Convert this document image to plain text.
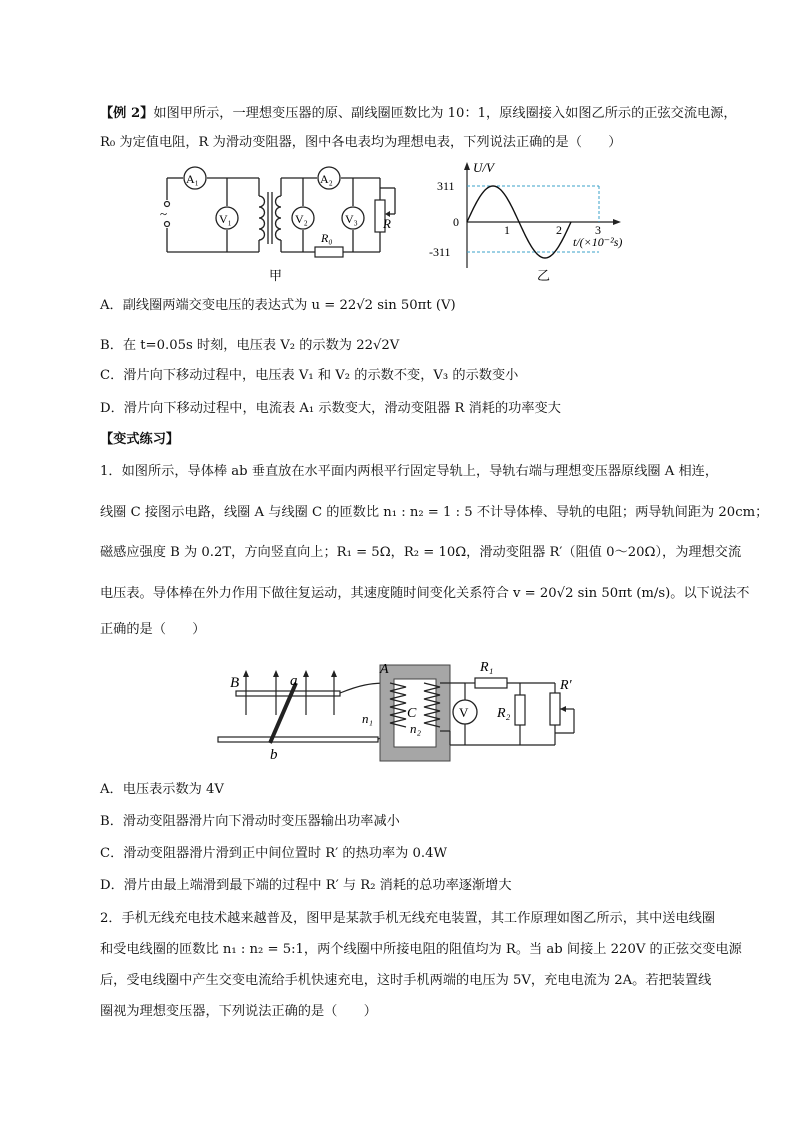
【例 2】如图甲所示，一理想变压器的原、副线圈匝数比为 10：1，原线圈接入如图乙所示的正弦交流电源，
R₀ 为定值电阻，R 为滑动变阻器，图中各电表均为理想电表，下列说法正确的是（　　）
~
A₁
V₁
A₂
V₂	V₃
R₀
R
甲
U/V
311
0
-311
1	2	3
t/(×10⁻²s)
乙
A．副线圈两端交变电压的表达式为 u = 22√2 sin 50πt (V)
B．在 t=0.05s 时刻，电压表 V₂ 的示数为 22√2V
C．滑片向下移动过程中，电压表 V₁ 和 V₂ 的示数不变，V₃ 的示数变小
D．滑片向下移动过程中，电流表 A₁ 示数变大，滑动变阻器 R 消耗的功率变大
【变式练习】
1．如图所示，导体棒 ab 垂直放在水平面内两根平行固定导轨上，导轨右端与理想变压器原线圈 A 相连，
线圈 C 接图示电路，线圈 A 与线圈 C 的匝数比 n₁ : n₂ = 1 : 5 不计导体棒、导轨的电阻；两导轨间距为 20cm；
磁感应强度 B 为 0.2T，方向竖直向上；R₁ = 5Ω，R₂ = 10Ω，滑动变阻器 R′（阻值 0～20Ω），为理想交流
电压表。导体棒在外力作用下做往复运动，其速度随时间变化关系符合 v = 20√2 sin 50πt (m/s)。以下说法不
正确的是（　　）
B	a
b
V
A
n₁ C
n₂
R₁
R₂
R′
A．电压表示数为 4V
B．滑动变阻器滑片向下滑动时变压器输出功率减小
C．滑动变阻器滑片滑到正中间位置时 R′ 的热功率为 0.4W
D．滑片由最上端滑到最下端的过程中 R′ 与 R₂ 消耗的总功率逐渐增大
2．手机无线充电技术越来越普及，图甲是某款手机无线充电装置，其工作原理如图乙所示，其中送电线圈
和受电线圈的匝数比 n₁ : n₂ = 5:1，两个线圈中所接电阻的阻值均为 R。当 ab 间接上 220V 的正弦交变电源
后，受电线圈中产生交变电流给手机快速充电，这时手机两端的电压为 5V，充电电流为 2A。若把装置线
圈视为理想变压器，下列说法正确的是（　　）
